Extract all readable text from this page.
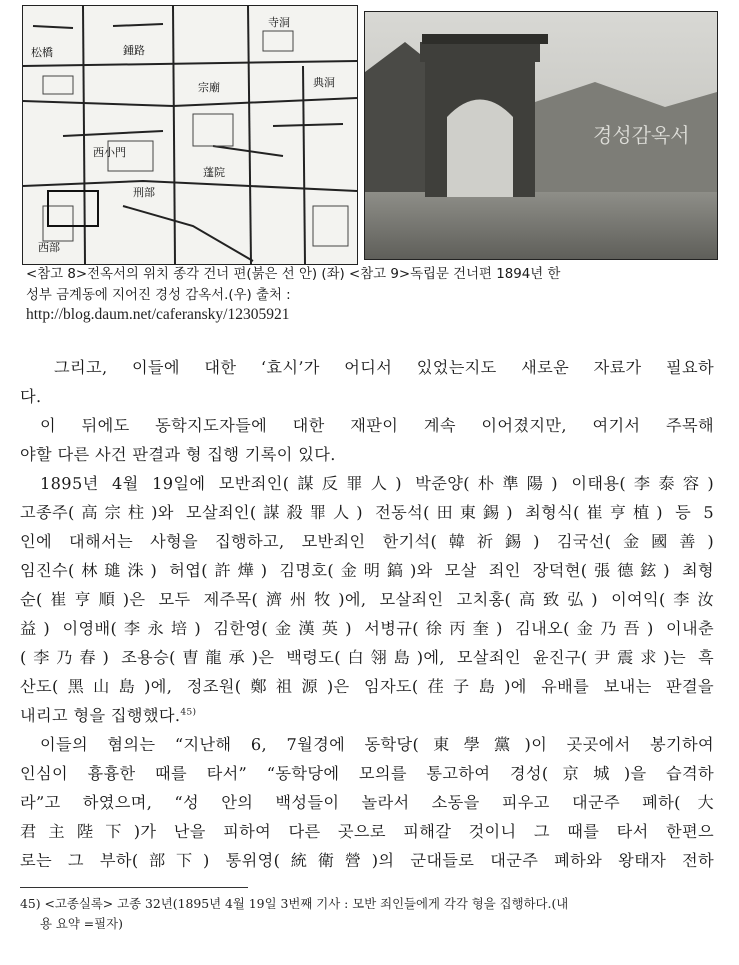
松橋	鍾路
寺洞
典洞
西小門
宗廟
蓬院
刑部
西部
경성감옥서
<참고 8>전옥서의 위치 종각 건너 편(붉은 선 안) (좌) <참고 9>독립문 건너편 1894년 한
성부 금계동에 지어진 경성 감옥서.(우) 출처 :
http://blog.daum.net/caferansky/12305921
그리고, 이들에 대한 ‘효시’가 어디서 있었는지도 새로운 자료가 필요하
다.
이 뒤에도 동학지도자들에 대한 재판이 계속 이어졌지만, 여기서 주목해
야할 다른 사건 판결과 형 집행 기록이 있다.
1895년 4월 19일에 모반죄인(謀反罪人) 박준양(朴準陽) 이태용(李泰容)
고종주(高宗柱)와 모살죄인(謀殺罪人) 전동석(田東錫) 최형식(崔亨植) 등 5
인에 대해서는 사형을 집행하고, 모반죄인 한기석(韓祈錫) 김국선(金國善)
임진수(林璡洙) 허엽(許燁) 김명호(金明鎬)와 모살 죄인 장덕현(張德鉉) 최형
순(崔亨順)은 모두 제주목(濟州牧)에, 모살죄인 고치홍(高致弘) 이여익(李汝
益) 이영배(李永培) 김한영(金漢英) 서병규(徐丙奎) 김내오(金乃吾) 이내춘
(李乃春) 조용승(曺龍承)은 백령도(白翎島)에, 모살죄인 윤진구(尹震求)는 흑
산도(黑山島)에, 정조원(鄭祖源)은 임자도(荏子島)에 유배를 보내는 판결을
내리고 형을 집행했다.$^{45)}$
이들의 혐의는 “지난해 6, 7월경에 동학당(東學黨)이 곳곳에서 봉기하여
인심이 흉흉한 때를 타서” “동학당에 모의를 통고하여 경성(京城)을 습격하
라”고 하였으며, “성 안의 백성들이 놀라서 소동을 피우고 대군주 폐하(大
君主陛下)가 난을 피하여 다른 곳으로 피해갈 것이니 그 때를 타서 한편으
로는 그 부하(部下) 통위영(統衛營)의 군대들로 대군주 폐하와 왕태자 전하
45) <고종실록> 고종 32년(1895년 4월 19일 3번째 기사 : 모반 죄인들에게 각각 형을 집행하다.(내
용 요약 =필자)
